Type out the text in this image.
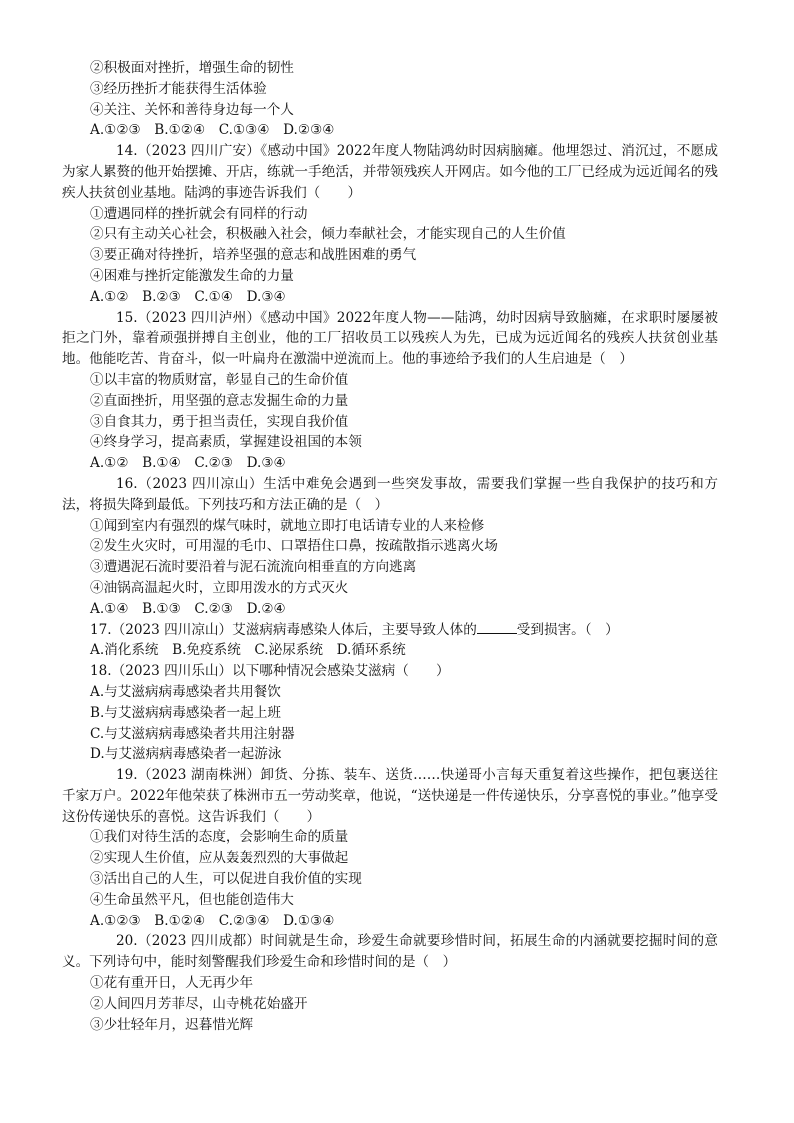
②积极面对挫折，增强生命的韧性
③经历挫折才能获得生活体验
④关注、关怀和善待身边每一个人
A.①②③　B.①②④　C.①③④　D.②③④
14.（2023 四川广安）《感动中国》2022年度人物陆鸿幼时因病脑瘫。他埋怨过、消沉过，不愿成为家人累赘的他开始摆摊、开店，练就一手绝活，并带领残疾人开网店。如今他的工厂已经成为远近闻名的残疾人扶贫创业基地。陆鸿的事迹告诉我们（　　）
①遭遇同样的挫折就会有同样的行动
②只有主动关心社会，积极融入社会，倾力奉献社会，才能实现自己的人生价值
③要正确对待挫折，培养坚强的意志和战胜困难的勇气
④困难与挫折定能激发生命的力量
A.①②　B.②③　C.①④　D.③④
15.（2023 四川泸州）《感动中国》2022年度人物——陆鸿，幼时因病导致脑瘫，在求职时屡屡被拒之门外，靠着顽强拼搏自主创业，他的工厂招收员工以残疾人为先，已成为远近闻名的残疾人扶贫创业基地。他能吃苦、肯奋斗，似一叶扁舟在激湍中逆流而上。他的事迹给予我们的人生启迪是（　）
①以丰富的物质财富，彰显自己的生命价值
②直面挫折，用坚强的意志发掘生命的力量
③自食其力，勇于担当责任，实现自我价值
④终身学习，提高素质，掌握建设祖国的本领
A.①②　B.①④　C.②③　D.③④
16.（2023 四川凉山）生活中难免会遇到一些突发事故，需要我们掌握一些自我保护的技巧和方法，将损失降到最低。下列技巧和方法正确的是（　）
①闻到室内有强烈的煤气味时，就地立即打电话请专业的人来检修
②发生火灾时，可用湿的毛巾、口罩捂住口鼻，按疏散指示逃离火场
③遭遇泥石流时要沿着与泥石流流向相垂直的方向逃离
④油锅高温起火时，立即用泼水的方式灭火
A.①④　B.①③　C.②③　D.②④
17.（2023 四川凉山）艾滋病病毒感染人体后，主要导致人体的	受到损害。（　）
A.消化系统　B.免疫系统　C.泌尿系统　D.循环系统
18.（2023 四川乐山）以下哪种情况会感染艾滋病（　　）
A.与艾滋病病毒感染者共用餐饮
B.与艾滋病病毒感染者一起上班
C.与艾滋病病毒感染者共用注射器
D.与艾滋病病毒感染者一起游泳
19.（2023 湖南株洲）卸货、分拣、装车、送货……快递哥小言每天重复着这些操作，把包裹送往千家万户。2022年他荣获了株洲市五一劳动奖章，他说，“送快递是一件传递快乐，分享喜悦的事业。”他享受这份传递快乐的喜悦。这告诉我们（　　）
①我们对待生活的态度，会影响生命的质量
②实现人生价值，应从轰轰烈烈的大事做起
③活出自己的人生，可以促进自我价值的实现
④生命虽然平凡，但也能创造伟大
A.①②③　B.①②④　C.②③④　D.①③④
20.（2023 四川成都）时间就是生命，珍爱生命就要珍惜时间，拓展生命的内涵就要挖掘时间的意义。下列诗句中，能时刻警醒我们珍爱生命和珍惜时间的是（　）
①花有重开日，人无再少年
②人间四月芳菲尽，山寺桃花始盛开
③少壮轻年月，迟暮惜光辉
